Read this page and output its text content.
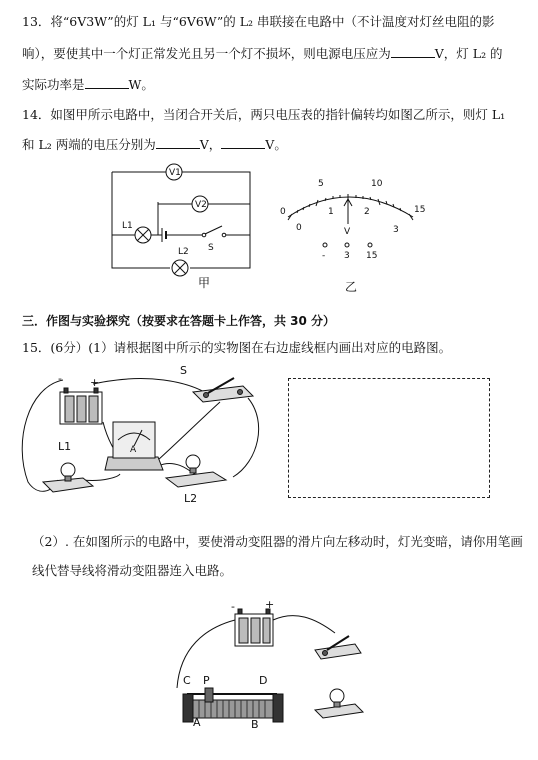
13．将“6V3W”的灯 L₁ 与“6V6W”的 L₂ 串联接在电路中（不计温度对灯丝电阻的影
响），要使其中一个灯正常发光且另一个灯不损坏，则电源电压应为	V，灯 L₂ 的
实际功率是	W。
14．如图甲所示电路中，当闭合开关后，两只电压表的指针偏转均如图乙所示，则灯 L₁
和 L₂ 两端的电压分别为	V，	V。
V1
V2
L1
L2 S
甲
0
5	10
15
0
1	2
3
V
- 3 15
乙
三．作图与实验探究（按要求在答题卡上作答，共 30 分）
15．(6分）(1）请根据图中所示的实物图在右边虚线框内画出对应的电路图。
S
A
L1
L2
-	+
（2）. 在如图所示的电路中，要使滑动变阻器的滑片向左移动时，灯光变暗，请你用笔画
线代替导线将滑动变阻器连入电路。
C P	D
A	B
-	+
